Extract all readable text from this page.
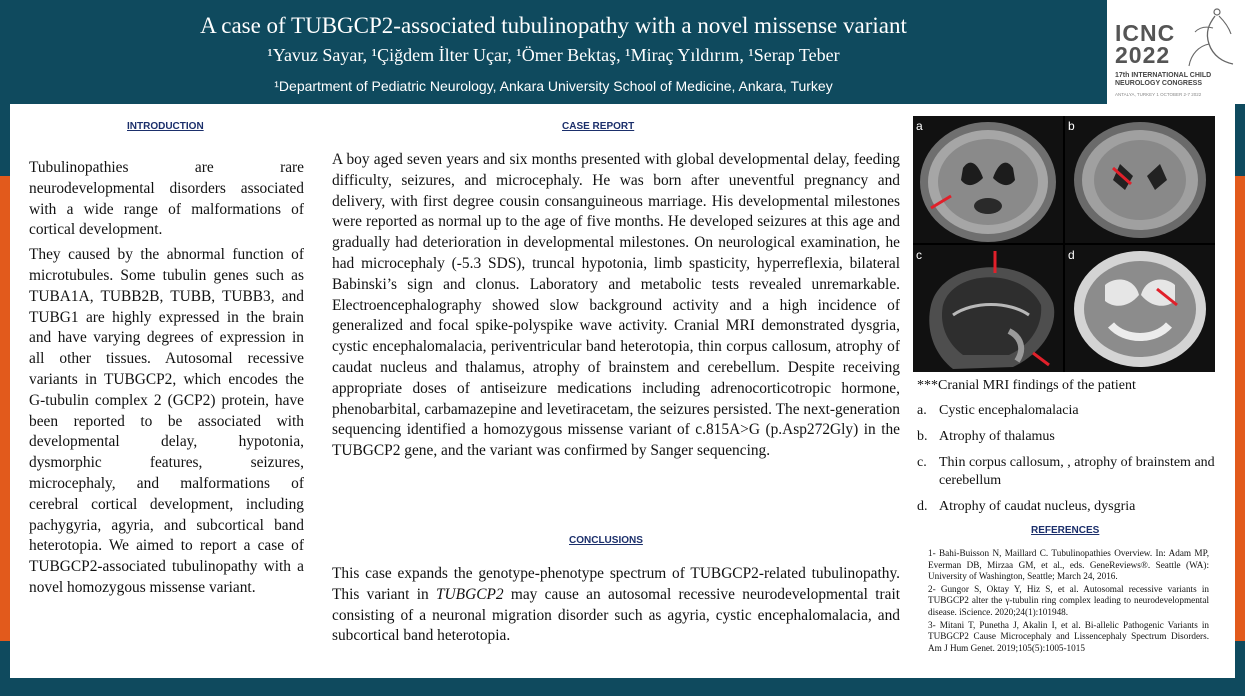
A case of TUBGCP2-associated tubulinopathy with a novel missense variant
¹Yavuz Sayar, ¹Çiğdem İlter Uçar, ¹Ömer Bektaş, ¹Miraç Yıldırım, ¹Serap Teber
¹Department of Pediatric Neurology, Ankara University School of Medicine, Ankara, Turkey
ICNC
2022
17th INTERNATIONAL CHILD NEUROLOGY CONGRESS
ANTALYA, TURKEY 1 OCTOBER 2-7 2022
INTRODUCTION

Tubulinopathies are rare neurodevelopmental disorders associated with a wide range of malformations of cortical development.

They caused by the abnormal function of microtubules. Some tubulin genes such as TUBA1A, TUBB2B, TUBB, TUBB3, and TUBG1 are highly expressed in the brain and have varying degrees of expression in all other tissues. Autosomal recessive variants in TUBGCP2, which encodes the G-tubulin complex 2 (GCP2) protein, have been reported to be associated with developmental delay, hypotonia, dysmorphic features, seizures, microcephaly, and malformations of cerebral cortical development, including pachygyria, agyria, and subcortical band heterotopia. We aimed to report a case of TUBGCP2-associated tubulinopathy with a novel homozygous missense variant.

CASE REPORT

A boy aged seven years and six months presented with global developmental delay, feeding difficulty, seizures, and microcephaly. He was born after uneventful pregnancy and delivery, with first degree cousin consanguineous marriage. His developmental milestones were reported as normal up to the age of five months. He developed seizures at this age and gradually had deterioration in developmental milestones. On neurological examination, he had microcephaly (-5.3 SDS), truncal hypotonia, limb spasticity, hyperreflexia, bilateral Babinski’s sign and clonus. Laboratory and metabolic tests revealed unremarkable. Electroencephalography showed slow background activity and a high incidence of generalized and focal spike-polyspike wave activity. Cranial MRI demonstrated dysgria, cystic encephalomalacia, periventricular band heterotopia, thin corpus callosum, atrophy of caudat nucleus and thalamus, atrophy of brainstem and cerebellum. Despite receiving appropriate doses of antiseizure medications including adrenocorticotropic hormone, phenobarbital, carbamazepine and levetiracetam, the seizures persisted. The next-generation sequencing identified a homozygous missense variant of c.815A>G (p.Asp272Gly) in the TUBGCP2 gene, and the variant was confirmed by Sanger sequencing.

CONCLUSIONS

This case expands the genotype-phenotype spectrum of TUBGCP2-related tubulinopathy. This variant in TUBGCP2 may cause an autosomal recessive neurodevelopmental trait consisting of a neuronal migration disorder such as agyria, cystic encephalomalacia, and subcortical band heterotopia.

a	b
c	d
***Cranial MRI findings of the patient
a. Cystic encephalomalacia
b. Atrophy of thalamus
c. Thin corpus callosum, , atrophy of brainstem and cerebellum
d. Atrophy of caudat nucleus, dysgria
REFERENCES

1- Bahi-Buisson N, Maillard C. Tubulinopathies Overview. In: Adam MP, Everman DB, Mirzaa GM, et al., eds. GeneReviews®. Seattle (WA): University of Washington, Seattle; March 24, 2016.

2- Gungor S, Oktay Y, Hiz S, et al. Autosomal recessive variants in TUBGCP2 alter the γ-tubulin ring complex leading to neurodevelopmental disease. iScience. 2020;24(1):101948.

3- Mitani T, Punetha J, Akalin I, et al. Bi-allelic Pathogenic Variants in TUBGCP2 Cause Microcephaly and Lissencephaly Spectrum Disorders. Am J Hum Genet. 2019;105(5):1005-1015
